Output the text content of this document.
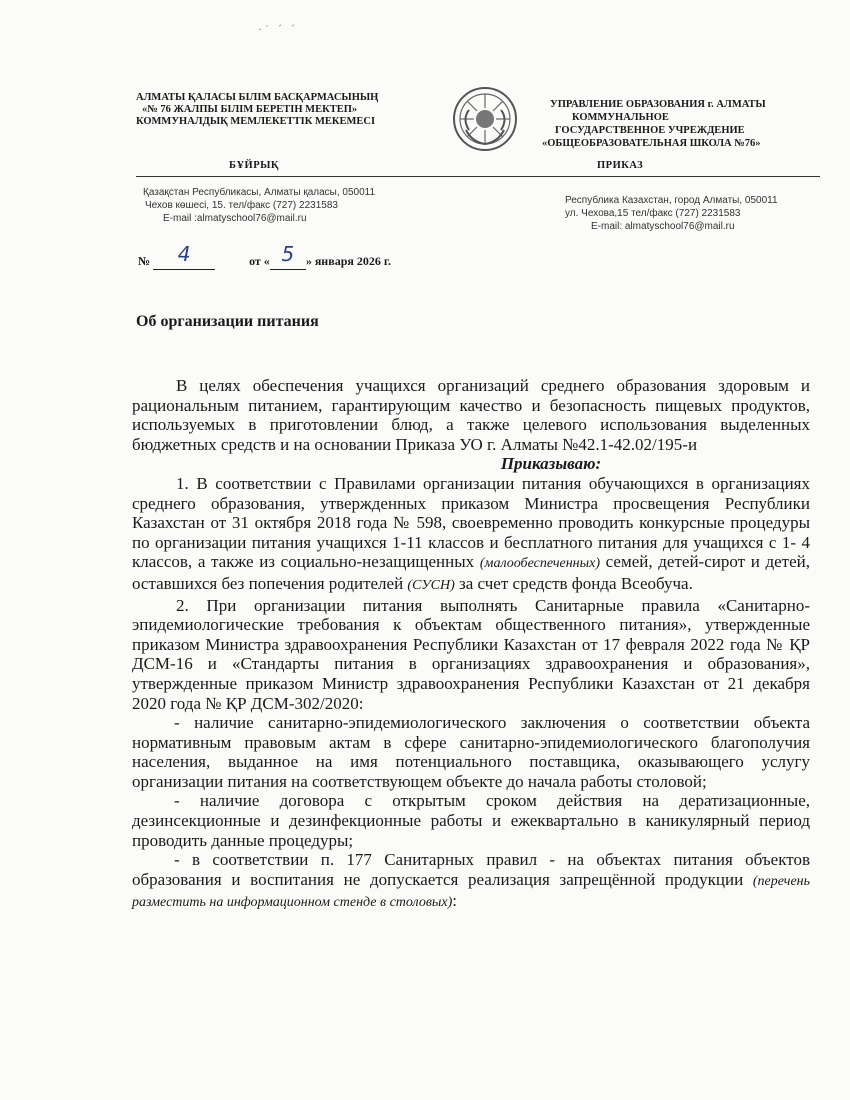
·˙ ˊ ˊ
АЛМАТЫ ҚАЛАСЫ БІЛІМ БАСҚАРМАСЫНЫҢ
«№ 76 ЖАЛПЫ БІЛІМ БЕРЕТІН МЕКТЕП»
КОММУНАЛДЫҚ МЕМЛЕКЕТТІК МЕКЕМЕСІ
УПРАВЛЕНИЕ ОБРАЗОВАНИЯ г. АЛМАТЫ
КОММУНАЛЬНОЕ
ГОСУДАРСТВЕННОЕ УЧРЕЖДЕНИЕ
«ОБЩЕОБРАЗОВАТЕЛЬНАЯ ШКОЛА №76»
БҰЙРЫҚ	ПРИКАЗ
Қазақстан Республикасы, Алматы қаласы, 050011
Чехов көшесі, 15. тел/факс (727) 2231583
E-mail :almatyschool76@mail.ru
Республика Казахстан, город Алматы, 050011
ул. Чехова,15 тел/факс (727) 2231583
E-mail: almatyschool76@mail.ru
№	4	от « 5 » января 2026 г.
Об организации питания

В целях обеспечения учащихся организаций среднего образования здоровым и рациональным питанием, гарантирующим качество и безопасность пищевых продуктов, используемых в приготовлении блюд, а также целевого использования выделенных бюджетных средств и на основании Приказа УО г. Алматы №42.1-42.02/195-и

Приказываю:

1. В соответствии с Правилами организации питания обучающихся в организациях среднего образования, утвержденных приказом Министра просвещения Республики Казахстан от 31 октября 2018 года № 598, своевременно проводить конкурсные процедуры по организации питания учащихся 1-11 классов и бесплатного питания для учащихся с 1- 4 классов, а также из социально-незащищенных (малообеспеченных) семей, детей-сирот и детей, оставшихся без попечения родителей (СУСН) за счет средств фонда Всеобуча.

2. При организации питания выполнять Санитарные правила «Санитарно-эпидемиологические требования к объектам общественного питания», утвержденные приказом Министра здравоохранения Республики Казахстан от 17 февраля 2022 года № ҚР ДСМ-16 и «Стандарты питания в организациях здравоохранения и образования», утвержденные приказом Министр здравоохранения Республики Казахстан от 21 декабря 2020 года № ҚР ДСМ-302/2020:

- наличие санитарно-эпидемиологического заключения о соответствии объекта нормативным правовым актам в сфере санитарно-эпидемиологического благополучия населения, выданное на имя потенциального поставщика, оказывающего услугу организации питания на соответствующем объекте до начала работы столовой;

- наличие договора с открытым сроком действия на дератизационные, дезинсекционные и дезинфекционные работы и ежеквартально в каникулярный период проводить данные процедуры;

- в соответствии п. 177 Санитарных правил - на объектах питания объектов образования и воспитания не допускается реализация запрещённой продукции (перечень разместить на информационном стенде в столовых):
